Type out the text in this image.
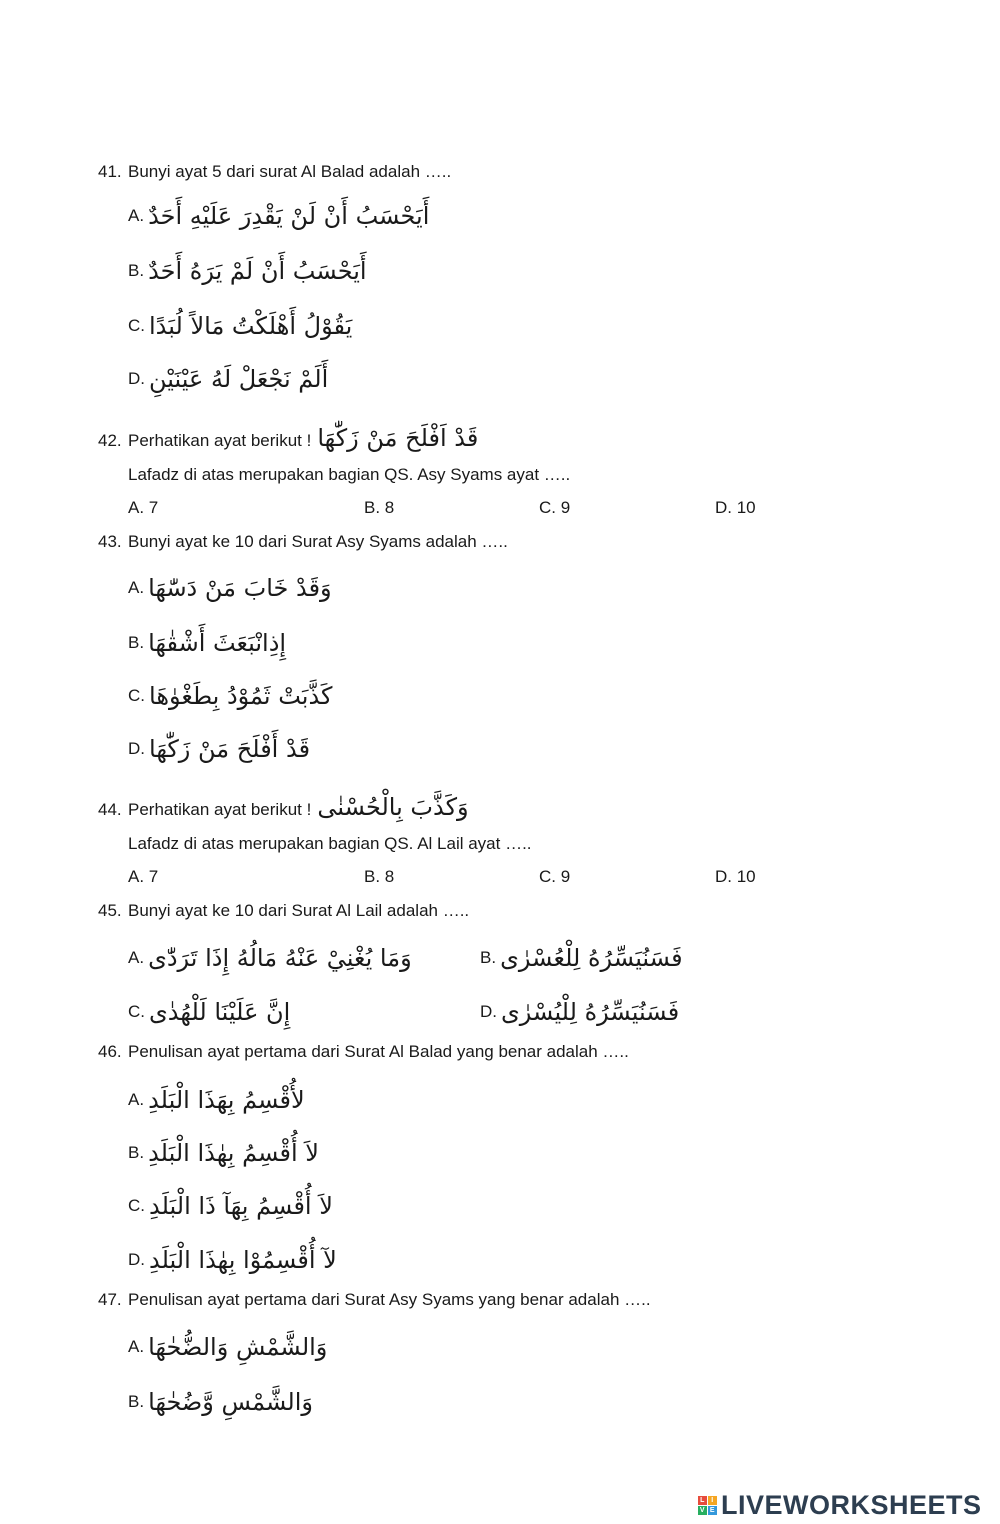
41. Bunyi ayat 5 dari surat Al Balad adalah …..
A. أَيَحْسَبُ أَنْ لَنْ يَقْدِرَ عَلَيْهِ أَحَدٌ
B. أَيَحْسَبُ أَنْ لَمْ يَرَهُ أَحَدٌ
C. يَقُوْلُ أَهْلَكْتُ مَالاً لُبَدًا
D. أَلَمْ نَجْعَلْ لَهُ عَيْنَيْنِ
42. Perhatikan ayat berikut ! قَدْ اَفْلَحَ مَنْ زَكّٰهَا
Lafadz di atas merupakan bagian QS. Asy Syams ayat …..
A. 7	B. 8	C. 9	D. 10
43. Bunyi ayat ke 10 dari Surat Asy Syams adalah …..
A. وَقَدْ خَابَ مَنْ دَسّٰهَا
B. إِذِانْبَعَثَ أَشْقٰهَا
C. كَذَّبَتْ ثَمُوْدُ بِطَغْوٰهَا
D. قَدْ أَفْلَحَ مَنْ زَكّٰهَا
44. Perhatikan ayat berikut ! وَكَذَّبَ بِالْحُسْنٰى
Lafadz di atas merupakan bagian QS. Al Lail ayat …..
A. 7	B. 8	C. 9	D. 10
45. Bunyi ayat ke 10 dari Surat Al Lail adalah …..
A. وَمَا يُغْنِيْ عَنْهُ مَالُهُ إِذَا تَرَدّٰى	B. فَسَنُيَسِّرُهُ لِلْعُسْرٰى
C. إِنَّ عَلَيْنَا لَلْهُدٰى	D. فَسَنُيَسِّرُهُ لِلْيُسْرٰى
46. Penulisan ayat pertama dari Surat Al Balad yang benar adalah …..
A. لأُقْسِمُ بِهَذَا الْبَلَدِ
B. لاَ أُقْسِمُ بِهٰذَا الْبَلَدِ
C. لاَ أُقْسِمُ بِهَآ ذَا الْبَلَدِ
D. لآ أُقْسِمُوْا بِهٰذَا الْبَلَدِ
47. Penulisan ayat pertama dari Surat Asy Syams yang benar adalah …..
A. وَالشَّمْشِ وَالضُّحٰهَا
B. وَالشَّمْسِ وَّضُحٰهَا
L I
V E LIVEWORKSHEETS
